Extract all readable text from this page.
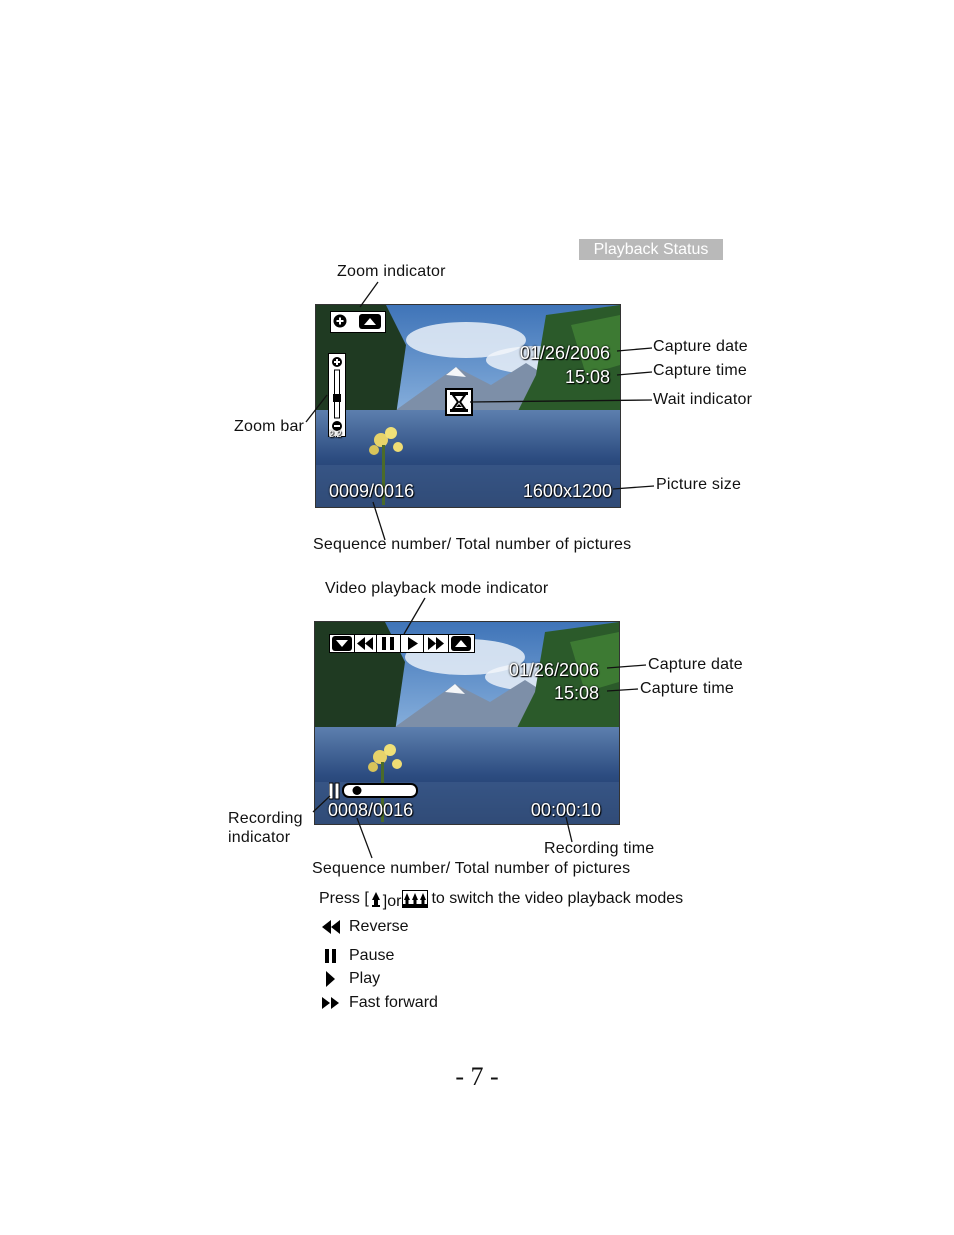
Playback Status
Zoom indicator
2.2
01/26/2006
15:08
0009/0016	1600x1200
Capture date
Capture time
Wait indicator
Zoom bar
Picture size
Sequence number/ Total number of pictures
Video playback mode indicator
01/26/2006
15:08
0008/0016	00:00:10
Capture date
Capture time
Recording
indicator
Recording time
Sequence number/ Total number of pictures
Press [ ]or to switch the video playback modes
Reverse
Pause
Play
Fast forward
- 7 -
